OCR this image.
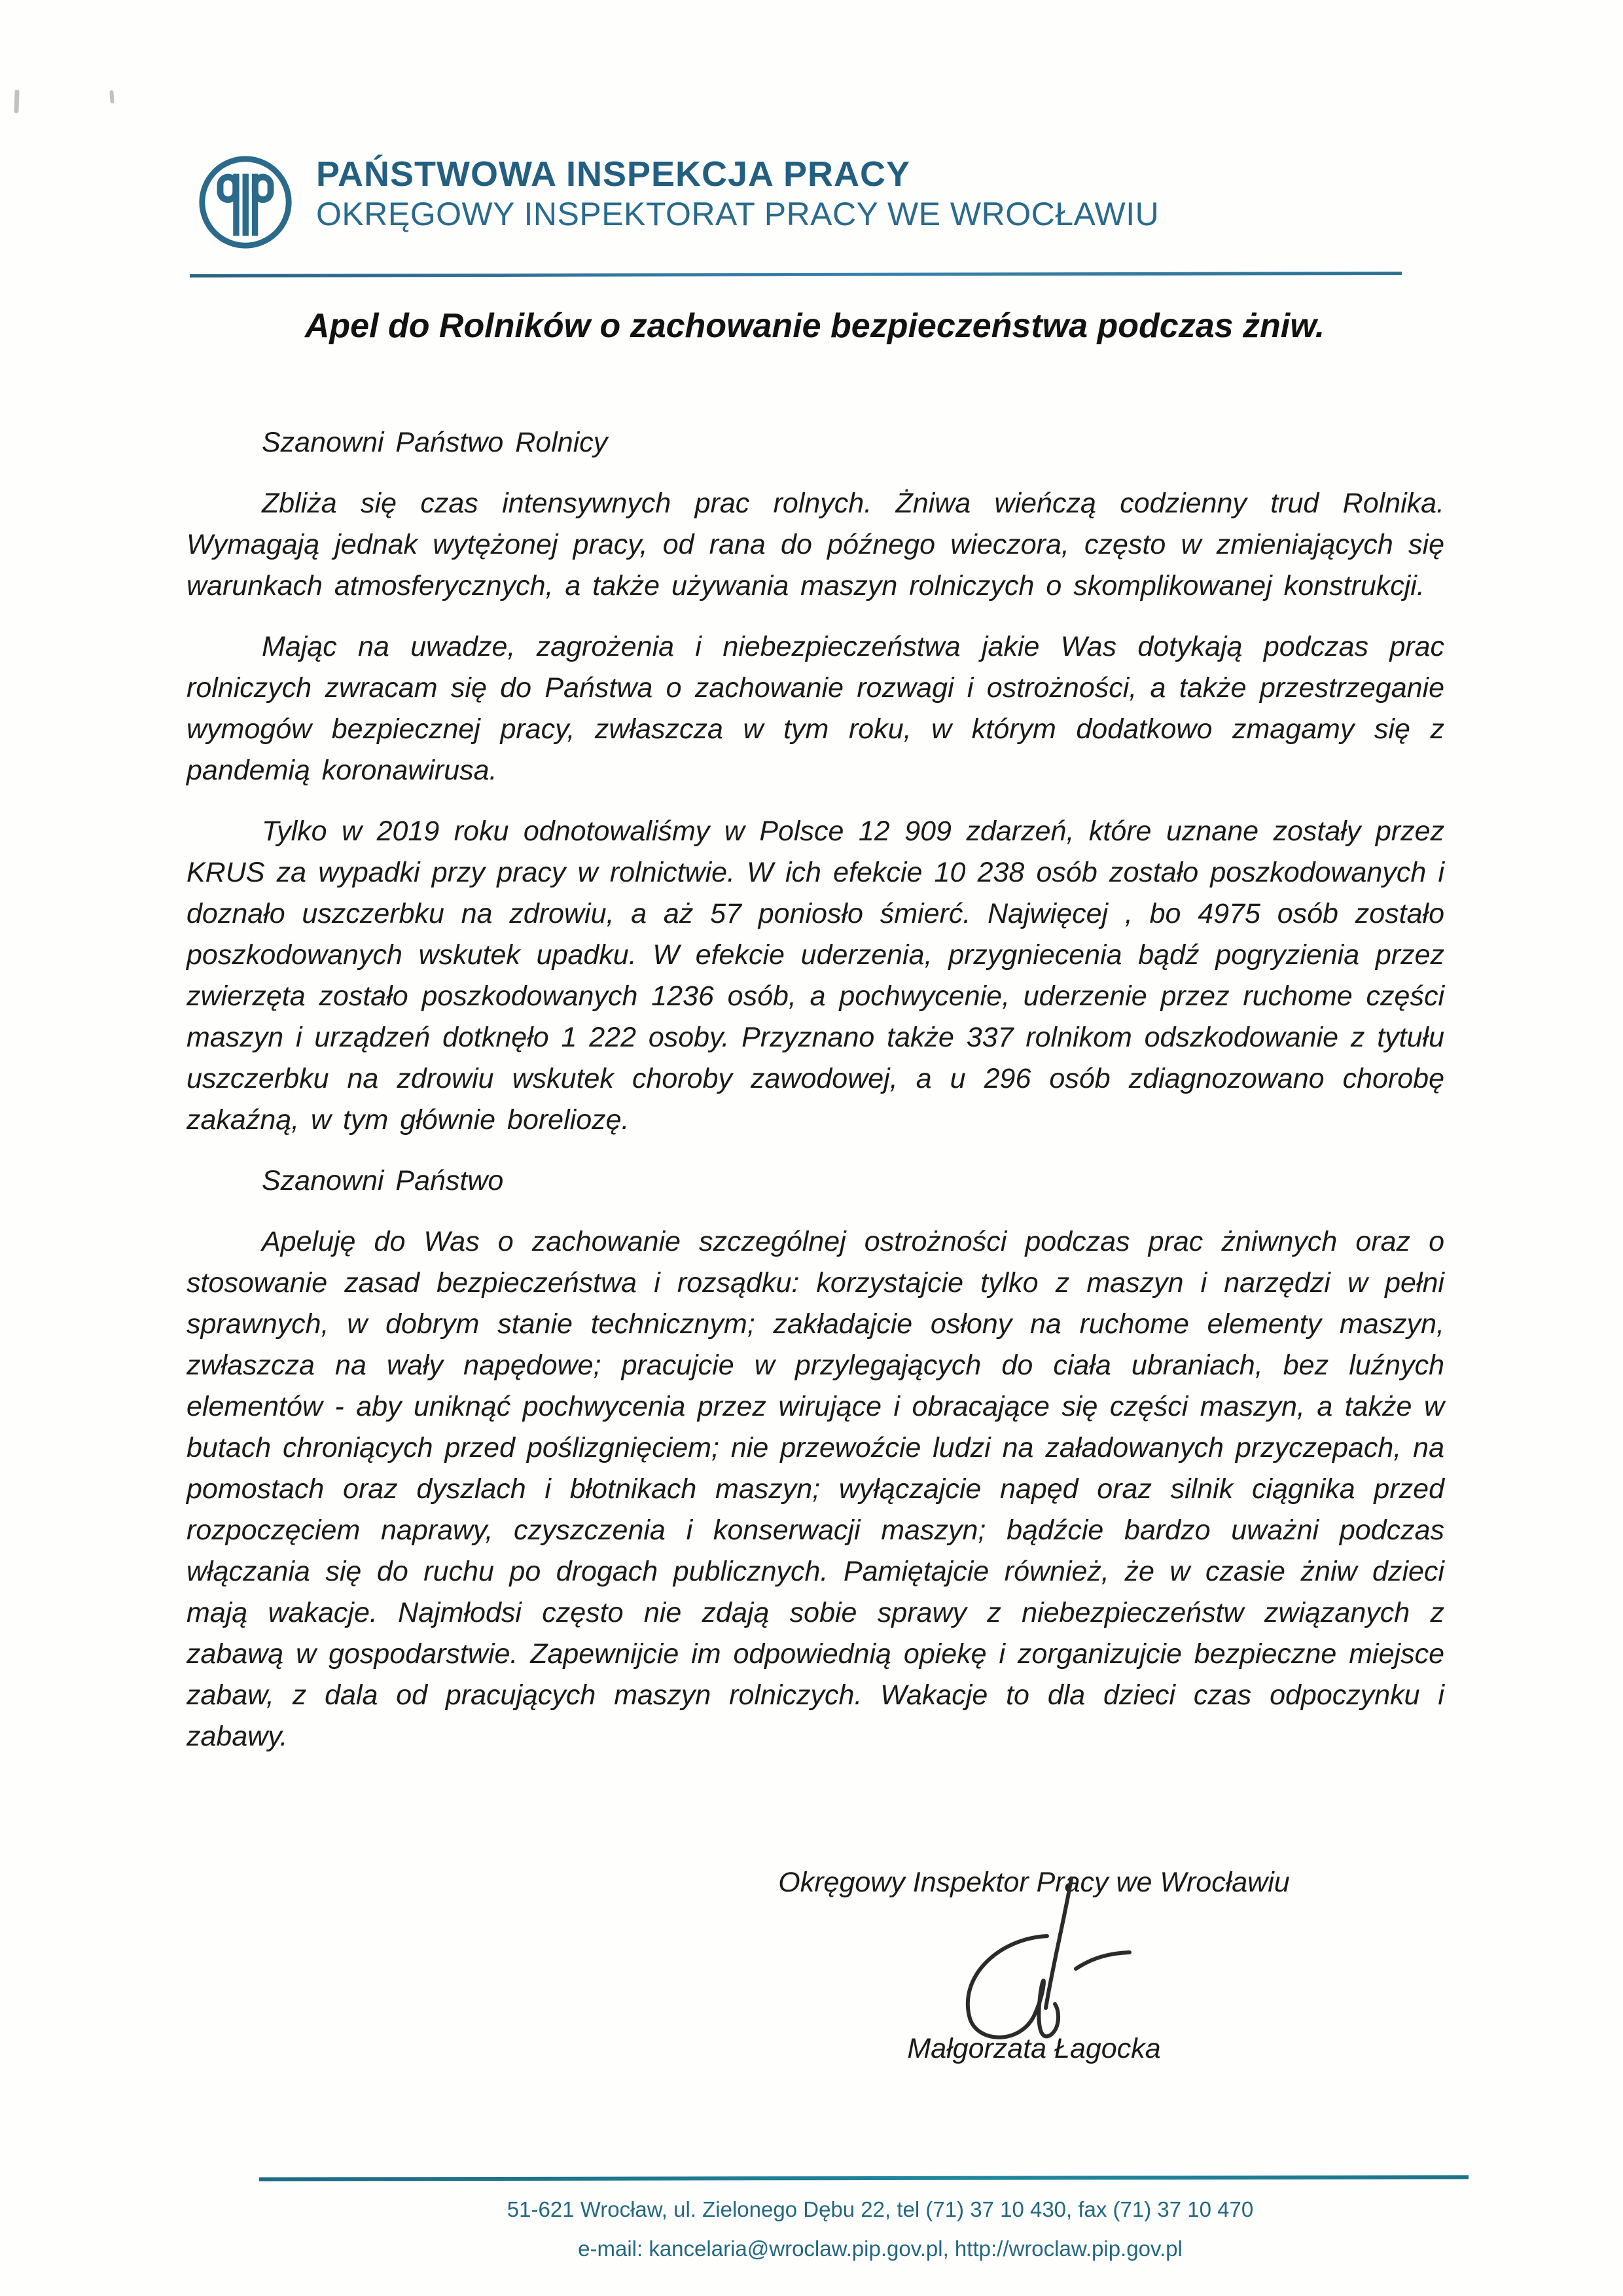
PAŃSTWOWA INSPEKCJA PRACY
OKRĘGOWY INSPEKTORAT PRACY WE WROCŁAWIU
Apel do Rolników o zachowanie bezpieczeństwa podczas żniw.

Szanowni Państwo Rolnicy

Zbliża się czas intensywnych prac rolnych. Żniwa wieńczą codzienny trud Rolnika. Wymagają jednak wytężonej pracy, od rana do późnego wieczora, często w zmieniających się warunkach atmosferycznych, a także używania maszyn rolniczych o skomplikowanej konstrukcji.

Mając na uwadze, zagrożenia i niebezpieczeństwa jakie Was dotykają podczas prac rolniczych zwracam się do Państwa o zachowanie rozwagi i ostrożności, a także przestrzeganie wymogów bezpiecznej pracy, zwłaszcza w tym roku, w którym dodatkowo zmagamy się z pandemią koronawirusa.

Tylko w 2019 roku odnotowaliśmy w Polsce 12 909 zdarzeń, które uznane zostały przez KRUS za wypadki przy pracy w rolnictwie. W ich efekcie 10 238 osób zostało poszkodowanych i doznało uszczerbku na zdrowiu, a aż 57 poniosło śmierć. Najwięcej , bo 4975 osób zostało poszkodowanych wskutek upadku. W efekcie uderzenia, przygniecenia bądź pogryzienia przez zwierzęta zostało poszkodowanych 1236 osób, a pochwycenie, uderzenie przez ruchome części maszyn i urządzeń dotknęło 1 222 osoby. Przyznano także 337 rolnikom odszkodowanie z tytułu uszczerbku na zdrowiu wskutek choroby zawodowej, a u 296 osób zdiagnozowano chorobę zakaźną, w tym głównie boreliozę.

Szanowni Państwo

Apeluję do Was o zachowanie szczególnej ostrożności podczas prac żniwnych oraz o stosowanie zasad bezpieczeństwa i rozsądku: korzystajcie tylko z maszyn i narzędzi w pełni sprawnych, w dobrym stanie technicznym; zakładajcie osłony na ruchome elementy maszyn, zwłaszcza na wały napędowe; pracujcie w przylegających do ciała ubraniach, bez luźnych elementów - aby uniknąć pochwycenia przez wirujące i obracające się części maszyn, a także w butach chroniących przed poślizgnięciem; nie przewoźcie ludzi na załadowanych przyczepach, na pomostach oraz dyszlach i błotnikach maszyn; wyłączajcie napęd oraz silnik ciągnika przed rozpoczęciem naprawy, czyszczenia i konserwacji maszyn; bądźcie bardzo uważni podczas włączania się do ruchu po drogach publicznych. Pamiętajcie również, że w czasie żniw dzieci mają wakacje. Najmłodsi często nie zdają sobie sprawy z niebezpieczeństw związanych z zabawą w gospodarstwie. Zapewnijcie im odpowiednią opiekę i zorganizujcie bezpieczne miejsce zabaw, z dala od pracujących maszyn rolniczych. Wakacje to dla dzieci czas odpoczynku i zabawy.

Okręgowy Inspektor Pracy we Wrocławiu
Małgorzata Łagocka
51-621 Wrocław, ul. Zielonego Dębu 22, tel (71) 37 10 430, fax (71) 37 10 470
e-mail: kancelaria@wroclaw.pip.gov.pl, http://wroclaw.pip.gov.pl
